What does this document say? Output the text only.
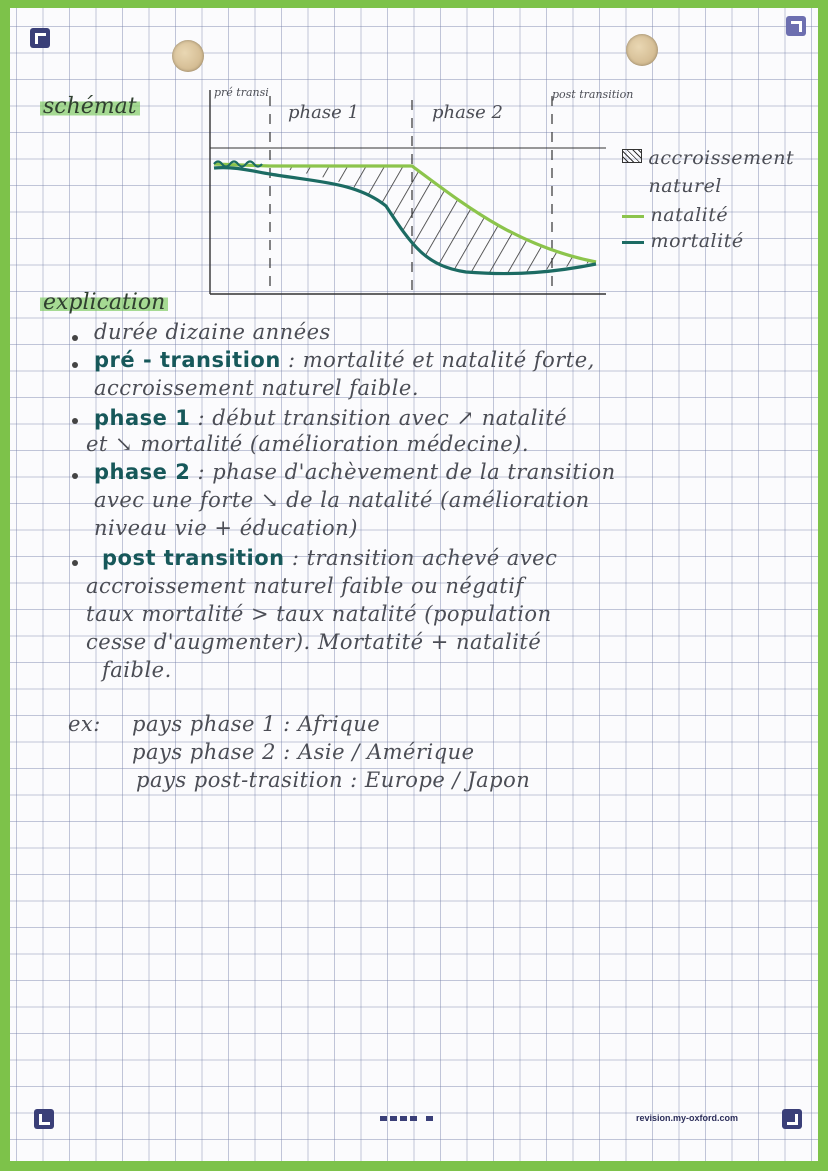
schémat
pré transi
phase 1	phase 2
post transition
accroissement naturel
natalité
mortalité
explication
durée dizaine années
pré - transition : mortalité et natalité forte,
accroissement naturel faible.
phase 1 : début transition avec ↗ natalité
et ↘ mortalité (amélioration médecine).
phase 2 : phase d'achèvement de la transition
avec une forte ↘ de la natalité (amélioration
niveau vie + éducation)
post transition : transition achevé avec
accroissement naturel faible ou négatif
taux mortalité > taux natalité (population
cesse d'augmenter). Mortatité + natalité
faible.
ex: pays phase 1 : Afrique
pays phase 2 : Asie / Amérique
pays post-trasition : Europe / Japon
revision.my-oxford.com
